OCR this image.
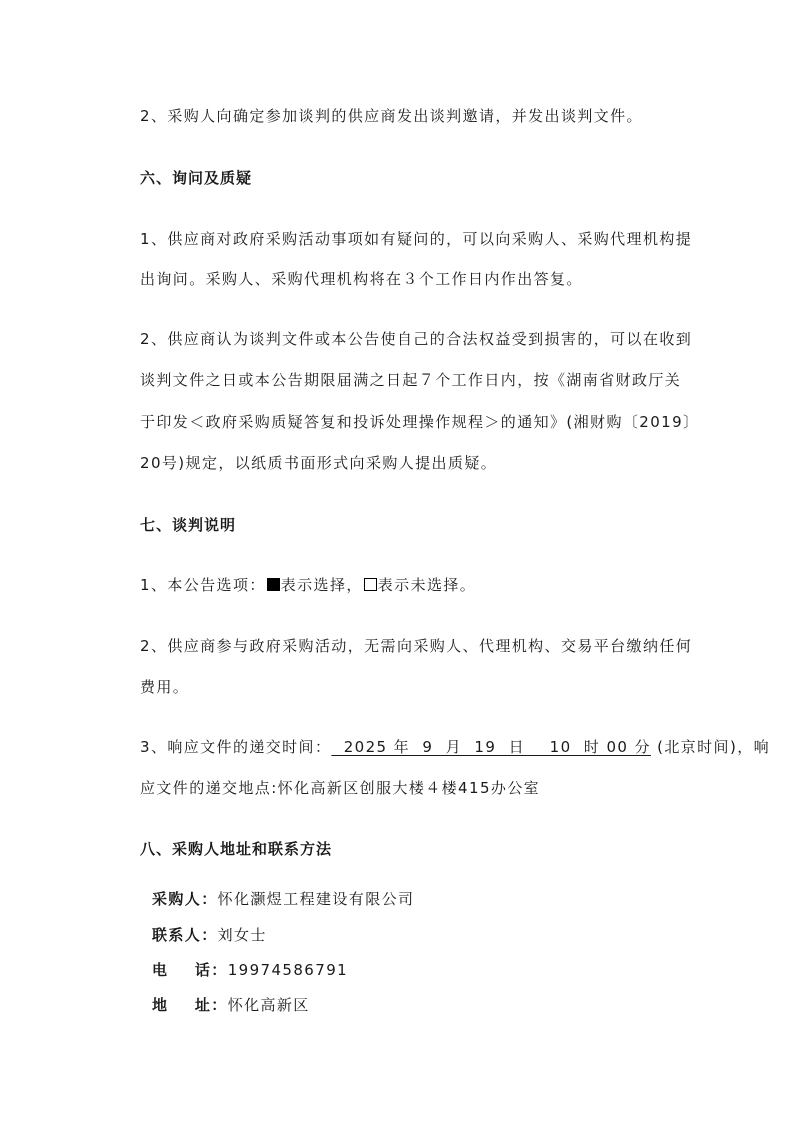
2、采购人向确定参加谈判的供应商发出谈判邀请，并发出谈判文件。
六、询问及质疑
1、供应商对政府采购活动事项如有疑问的，可以向采购人、采购代理机构提
出询问。采购人、采购代理机构将在３个工作日内作出答复。
2、供应商认为谈判文件或本公告使自己的合法权益受到损害的，可以在收到
谈判文件之日或本公告期限届满之日起７个工作日内，按《湖南省财政厅关
于印发＜政府采购质疑答复和投诉处理操作规程＞的通知》(湘财购〔2019〕
20号)规定，以纸质书面形式向采购人提出质疑。
七、谈判说明
1、本公告选项： 表示选择， 表示未选择。
2、供应商参与政府采购活动，无需向采购人、代理机构、交易平台缴纳任何
费用。
3、响应文件的递交时间：  2025 年  9  月  19  日    10  时 00 分 (北京时间)，响
应文件的递交地点:怀化高新区创服大楼４楼415办公室
八、采购人地址和联系方法
采购人：怀化灏煜工程建设有限公司
联系人：刘女士
电    话：19974586791
地    址：怀化高新区
